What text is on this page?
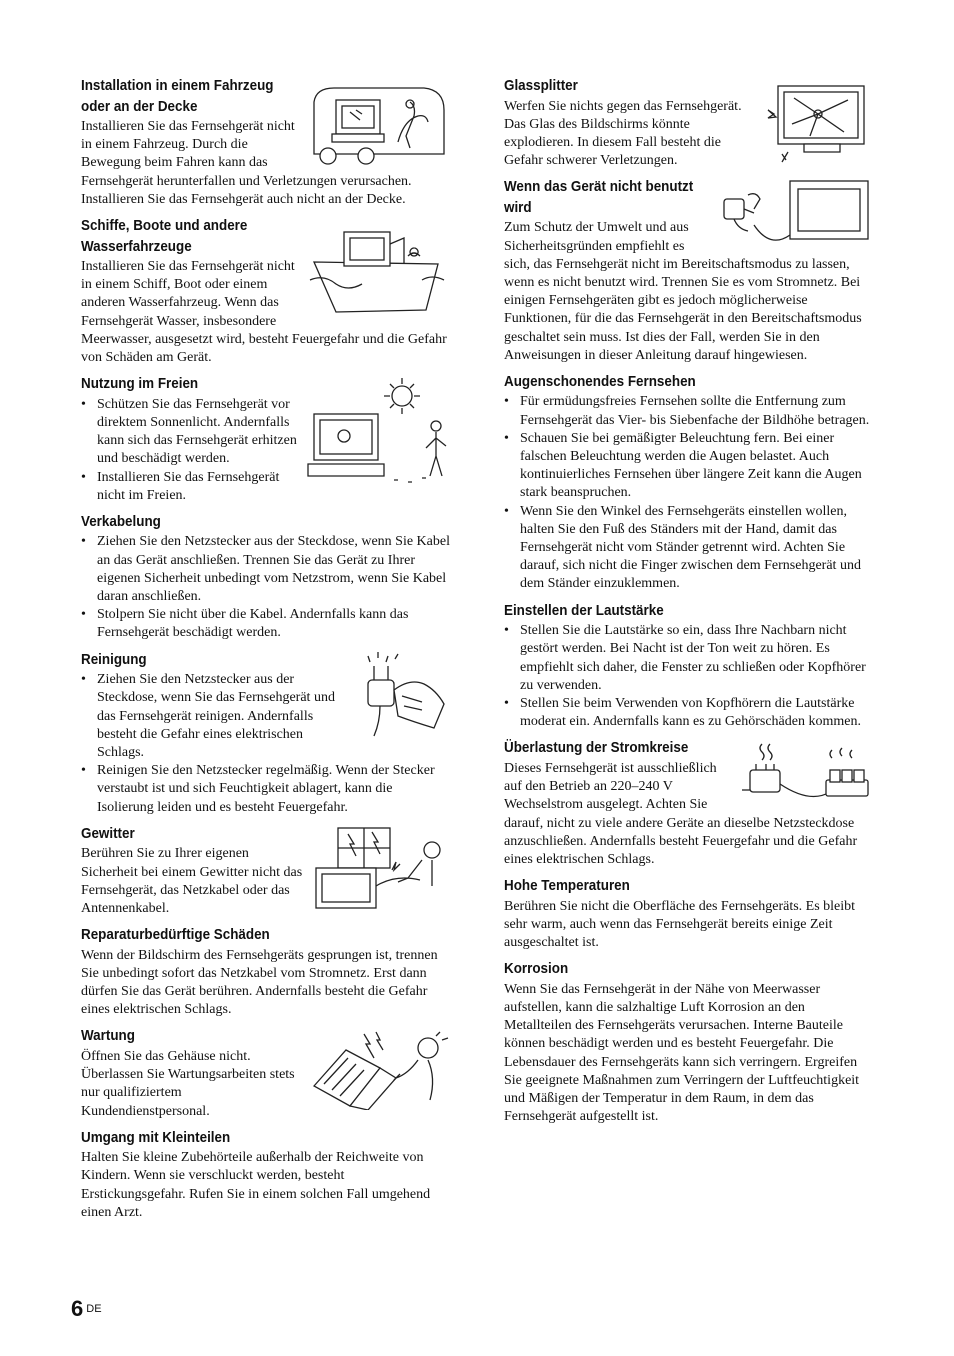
Installation in einem Fahrzeug oder an der Decke

Installieren Sie das Fernsehgerät nicht in einem Fahrzeug. Durch die Bewegung beim Fahren kann das Fernsehgerät herunterfallen und Verletzungen verursachen. Installieren Sie das Fernsehgerät auch nicht an der Decke.

Schiffe, Boote und andere Wasserfahrzeuge

Installieren Sie das Fernsehgerät nicht in einem Schiff, Boot oder einem anderen Wasserfahrzeug. Wenn das Fernsehgerät Wasser, insbesondere Meerwasser, ausgesetzt wird, besteht Feuergefahr und die Gefahr von Schäden am Gerät.

Nutzung im Freien
• Schützen Sie das Fernsehgerät vor direktem Sonnenlicht. Andernfalls kann sich das Fernsehgerät erhitzen und beschädigt werden.
• Installieren Sie das Fernsehgerät nicht im Freien.
Verkabelung
• Ziehen Sie den Netzstecker aus der Steckdose, wenn Sie Kabel an das Gerät anschließen. Trennen Sie das Gerät zu Ihrer eigenen Sicherheit unbedingt vom Netzstrom, wenn Sie Kabel daran anschließen.
• Stolpern Sie nicht über die Kabel. Andernfalls kann das Fernsehgerät beschädigt werden.
Reinigung
• Ziehen Sie den Netzstecker aus der Steckdose, wenn Sie das Fernsehgerät und das Fernsehgerät reinigen. Andernfalls besteht die Gefahr eines elektrischen Schlags.
• Reinigen Sie den Netzstecker regelmäßig. Wenn der Stecker verstaubt ist und sich Feuchtigkeit ablagert, kann die Isolierung leiden und es besteht Feuergefahr.
Gewitter

Berühren Sie zu Ihrer eigenen Sicherheit bei einem Gewitter nicht das Fernsehgerät, das Netzkabel oder das Antennenkabel.

Reparaturbedürftige Schäden

Wenn der Bildschirm des Fernsehgeräts gesprungen ist, trennen Sie unbedingt sofort das Netzkabel vom Stromnetz. Erst dann dürfen Sie das Gerät berühren. Andernfalls besteht die Gefahr eines elektrischen Schlags.

Wartung

Öffnen Sie das Gehäuse nicht. Überlassen Sie Wartungsarbeiten stets nur qualifiziertem Kundendienstpersonal.

Umgang mit Kleinteilen

Halten Sie kleine Zubehörteile außerhalb der Reichweite von Kindern. Wenn sie verschluckt werden, besteht Erstickungsgefahr. Rufen Sie in einem solchen Fall umgehend einen Arzt.

Glassplitter

Werfen Sie nichts gegen das Fernsehgerät. Das Glas des Bildschirms könnte explodieren. In diesem Fall besteht die Gefahr schwerer Verletzungen.

Wenn das Gerät nicht benutzt wird

Zum Schutz der Umwelt und aus Sicherheitsgründen empfiehlt es sich, das Fernsehgerät nicht im Bereitschaftsmodus zu lassen, wenn es nicht benutzt wird. Trennen Sie es vom Stromnetz. Bei einigen Fernsehgeräten gibt es jedoch möglicherweise Funktionen, für die das Fernsehgerät in den Bereitschaftsmodus geschaltet sein muss. Ist dies der Fall, werden Sie in den Anweisungen in dieser Anleitung darauf hingewiesen.

Augenschonendes Fernsehen
• Für ermüdungsfreies Fernsehen sollte die Entfernung zum Fernsehgerät das Vier- bis Siebenfache der Bildhöhe betragen.
• Schauen Sie bei gemäßigter Beleuchtung fern. Bei einer falschen Beleuchtung werden die Augen belastet. Auch kontinuierliches Fernsehen über längere Zeit kann die Augen stark beanspruchen.
• Wenn Sie den Winkel des Fernsehgeräts einstellen wollen, halten Sie den Fuß des Ständers mit der Hand, damit das Fernsehgerät nicht vom Ständer getrennt wird. Achten Sie darauf, sich nicht die Finger zwischen dem Fernsehgerät und dem Ständer einzuklemmen.
Einstellen der Lautstärke
• Stellen Sie die Lautstärke so ein, dass Ihre Nachbarn nicht gestört werden. Bei Nacht ist der Ton weit zu hören. Es empfiehlt sich daher, die Fenster zu schließen oder Kopfhörer zu verwenden.
• Stellen Sie beim Verwenden von Kopfhörern die Lautstärke moderat ein. Andernfalls kann es zu Gehörschäden kommen.
Überlastung der Stromkreise

Dieses Fernsehgerät ist ausschließlich auf den Betrieb an 220–240 V Wechselstrom ausgelegt. Achten Sie darauf, nicht zu viele andere Geräte an dieselbe Netzsteckdose anzuschließen. Andernfalls besteht Feuergefahr und die Gefahr eines elektrischen Schlags.

Hohe Temperaturen

Berühren Sie nicht die Oberfläche des Fernsehgeräts. Es bleibt sehr warm, auch wenn das Fernsehgerät bereits einige Zeit ausgeschaltet ist.

Korrosion

Wenn Sie das Fernsehgerät in der Nähe von Meerwasser aufstellen, kann die salzhaltige Luft Korrosion an den Metallteilen des Fernsehgeräts verursachen. Interne Bauteile können beschädigt werden und es besteht Feuergefahr. Die Lebensdauer des Fernsehgeräts kann sich verringern. Ergreifen Sie geeignete Maßnahmen zum Verringern der Luftfeuchtigkeit und Mäßigen der Temperatur in dem Raum, in dem das Fernsehgerät aufgestellt ist.

6 $^{DE}$
